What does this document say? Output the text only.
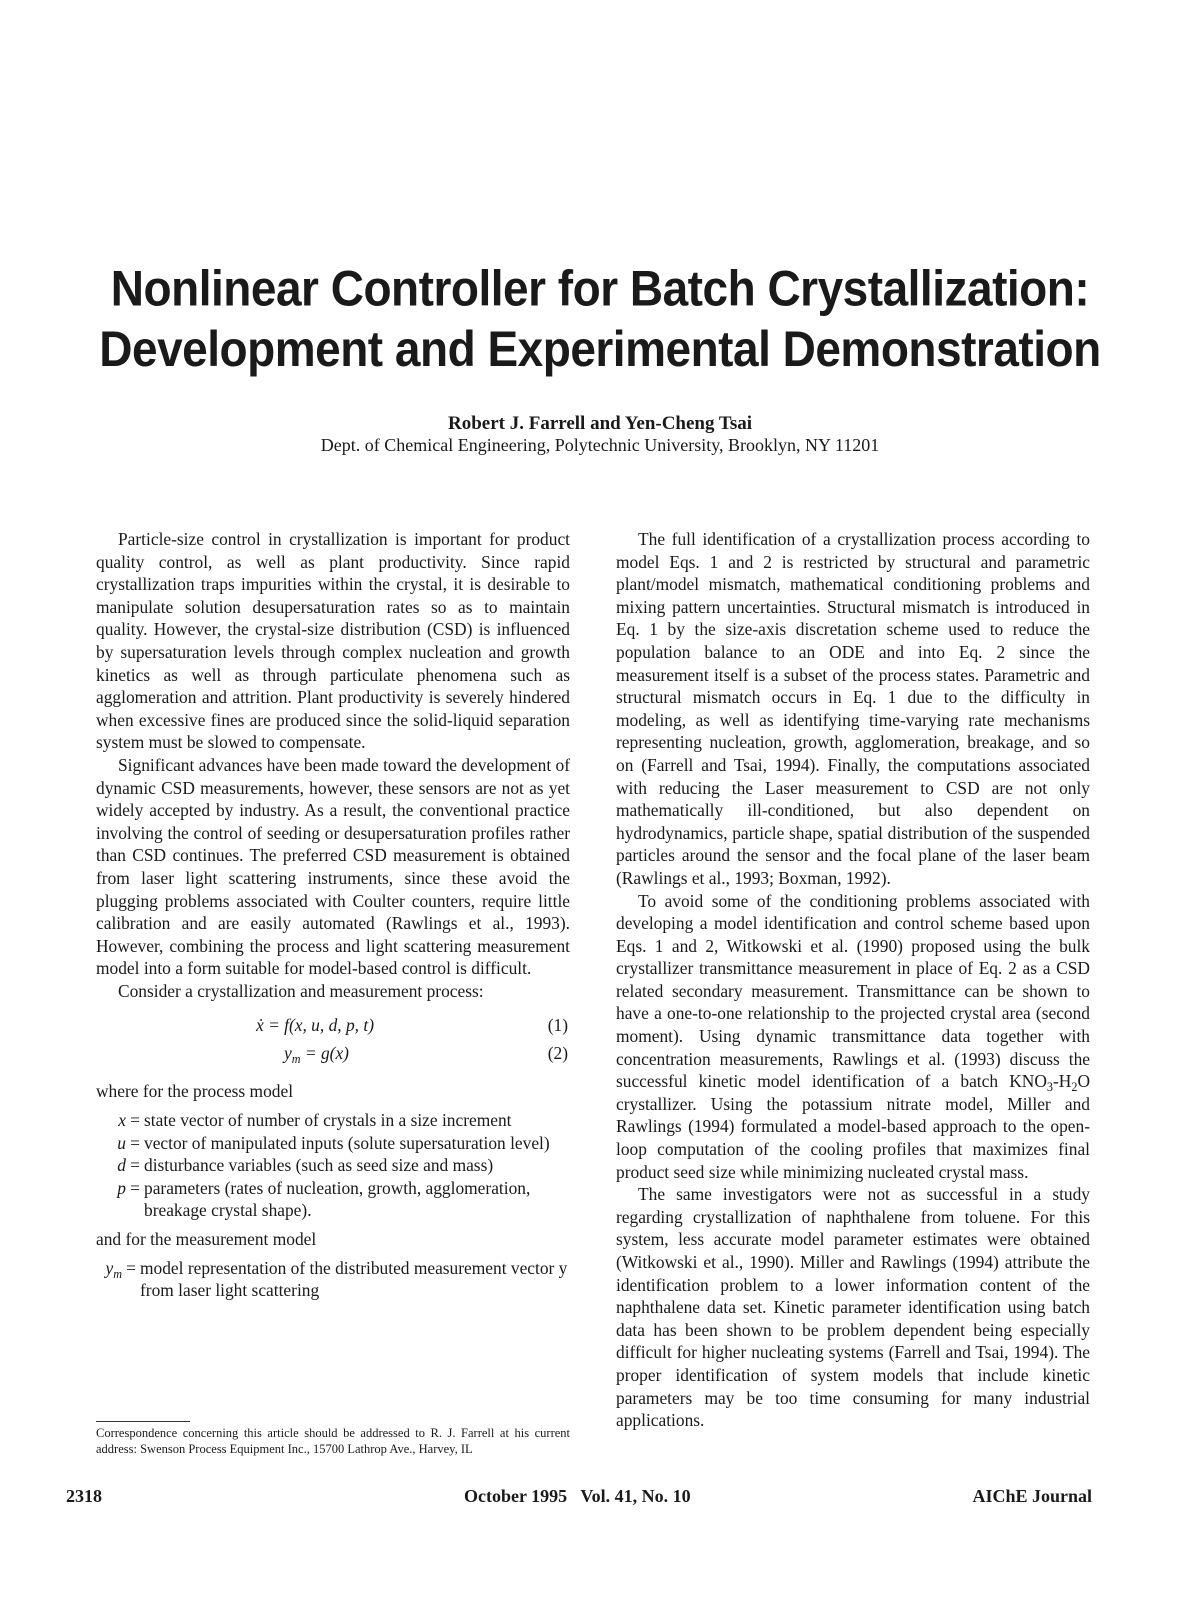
Nonlinear Controller for Batch Crystallization:
Development and Experimental Demonstration
Robert J. Farrell and Yen-Cheng Tsai
Dept. of Chemical Engineering, Polytechnic University, Brooklyn, NY 11201

Particle-size control in crystallization is important for product quality control, as well as plant productivity. Since rapid crystallization traps impurities within the crystal, it is desirable to manipulate solution desupersaturation rates so as to maintain quality. However, the crystal-size distribution (CSD) is influenced by supersaturation levels through complex nucleation and growth kinetics as well as through particulate phenomena such as agglomeration and attrition. Plant productivity is severely hindered when excessive fines are produced since the solid-liquid separation system must be slowed to compensate.

Significant advances have been made toward the development of dynamic CSD measurements, however, these sensors are not as yet widely accepted by industry. As a result, the conventional practice involving the control of seeding or desupersaturation profiles rather than CSD continues. The preferred CSD measurement is obtained from laser light scattering instruments, since these avoid the plugging problems associated with Coulter counters, require little calibration and are easily automated (Rawlings et al., 1993). However, combining the process and light scattering measurement model into a form suitable for model-based control is difficult.

Consider a crystallization and measurement process:

ẋ = f(x, u, d, p, t)	(1)
$y_m = g(x)$	(2)

where for the process model

x = state vector of number of crystals in a size increment
u = vector of manipulated inputs (solute supersaturation level)
d = disturbance variables (such as seed size and mass)
p = parameters (rates of nucleation, growth, agglomeration, breakage crystal shape).

and for the measurement model

$y_m$ = model representation of the distributed measurement vector y from laser light scattering
Correspondence concerning this article should be addressed to R. J. Farrell at his current address: Swenson Process Equipment Inc., 15700 Lathrop Ave., Harvey, IL

The full identification of a crystallization process according to model Eqs. 1 and 2 is restricted by structural and parametric plant/model mismatch, mathematical conditioning problems and mixing pattern uncertainties. Structural mismatch is introduced in Eq. 1 by the size-axis discretation scheme used to reduce the population balance to an ODE and into Eq. 2 since the measurement itself is a subset of the process states. Parametric and structural mismatch occurs in Eq. 1 due to the difficulty in modeling, as well as identifying time-varying rate mechanisms representing nucleation, growth, agglomeration, breakage, and so on (Farrell and Tsai, 1994). Finally, the computations associated with reducing the Laser measurement to CSD are not only mathematically ill-conditioned, but also dependent on hydrodynamics, particle shape, spatial distribution of the suspended particles around the sensor and the focal plane of the laser beam (Rawlings et al., 1993; Boxman, 1992).

To avoid some of the conditioning problems associated with developing a model identification and control scheme based upon Eqs. 1 and 2, Witkowski et al. (1990) proposed using the bulk crystallizer transmittance measurement in place of Eq. 2 as a CSD related secondary measurement. Transmittance can be shown to have a one-to-one relationship to the projected crystal area (second moment). Using dynamic transmittance data together with concentration measurements, Rawlings et al. (1993) discuss the successful kinetic model identification of a batch $KNO_3-H_2O$ crystallizer. Using the potassium nitrate model, Miller and Rawlings (1994) formulated a model-based approach to the open-loop computation of the cooling profiles that maximizes final product seed size while minimizing nucleated crystal mass.

The same investigators were not as successful in a study regarding crystallization of naphthalene from toluene. For this system, less accurate model parameter estimates were obtained (Witkowski et al., 1990). Miller and Rawlings (1994) attribute the identification problem to a lower information content of the naphthalene data set. Kinetic parameter identification using batch data has been shown to be problem dependent being especially difficult for higher nucleating systems (Farrell and Tsai, 1994). The proper identification of system models that include kinetic parameters may be too time consuming for many industrial applications.

2318	October 1995   Vol. 41, No. 10	AIChE Journal
